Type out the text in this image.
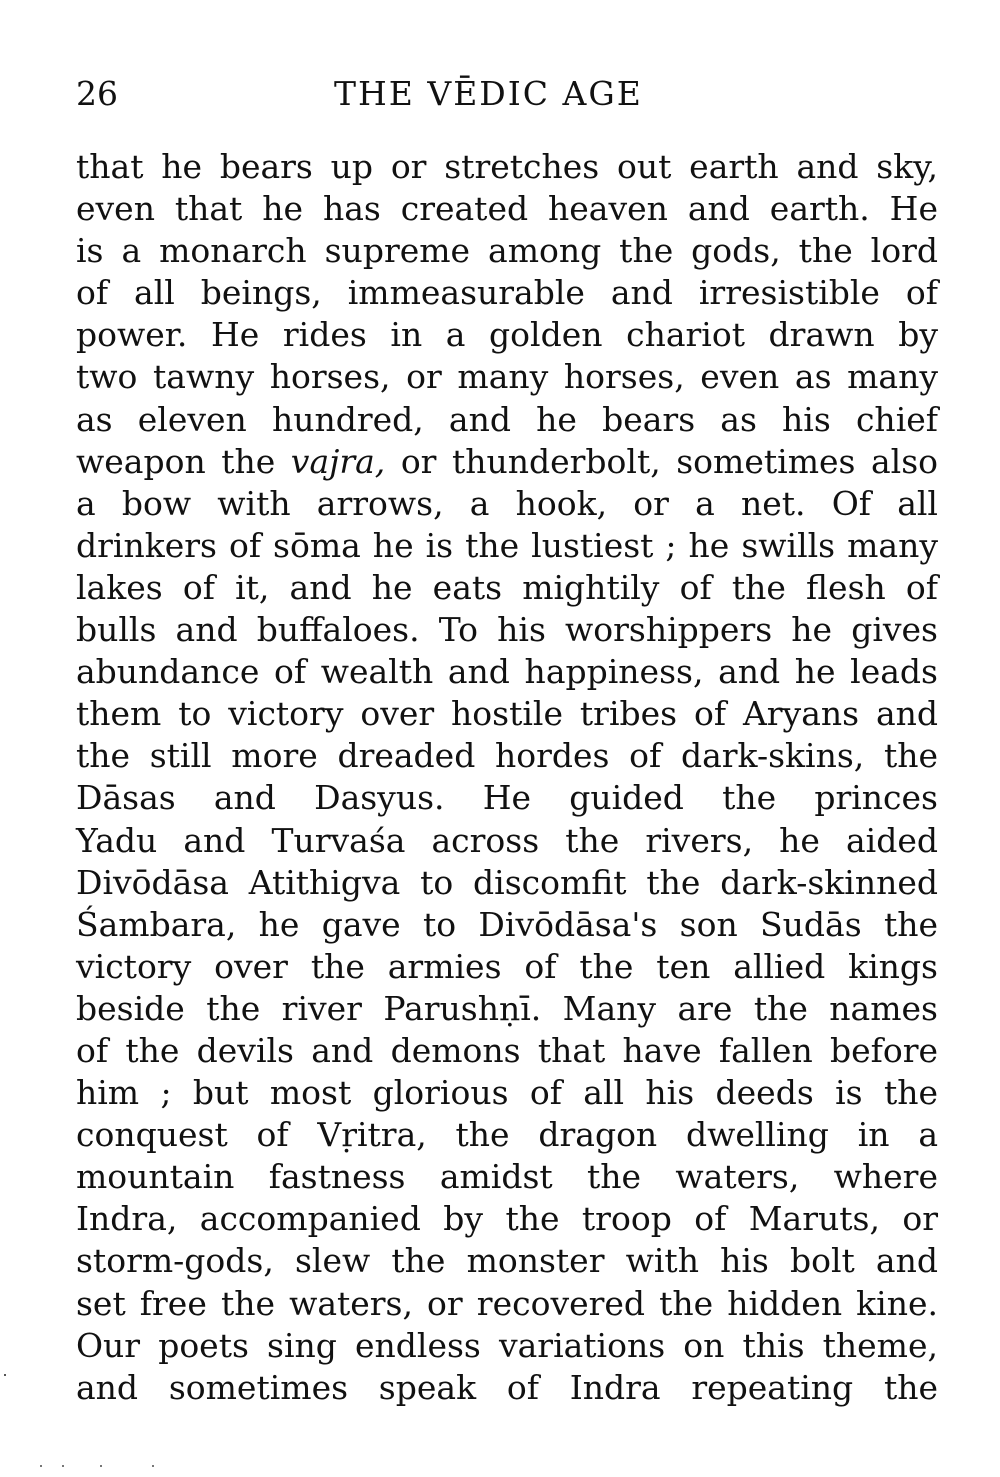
26	THE VĒDIC AGE
that he bears up or stretches out earth and sky,
even that he has created heaven and earth. He
is a monarch supreme among the gods, the lord
of all beings, immeasurable and irresistible of
power. He rides in a golden chariot drawn by
two tawny horses, or many horses, even as many
as eleven hundred, and he bears as his chief
weapon the vajra, or thunderbolt, sometimes also
a bow with arrows, a hook, or a net. Of all
drinkers of sōma he is the lustiest ; he swills many
lakes of it, and he eats mightily of the flesh of
bulls and buffaloes. To his worshippers he gives
abundance of wealth and happiness, and he leads
them to victory over hostile tribes of Aryans and
the still more dreaded hordes of dark-skins, the
Dāsas and Dasyus. He guided the princes
Yadu and Turvaśa across the rivers, he aided
Divōdāsa Atithigva to discomfit the dark-skinned
Śambara, he gave to Divōdāsa's son Sudās the
victory over the armies of the ten allied kings
beside the river Parushṇī. Many are the names
of the devils and demons that have fallen before
him ; but most glorious of all his deeds is the
conquest of Vṛitra, the dragon dwelling in a
mountain fastness amidst the waters, where
Indra, accompanied by the troop of Maruts, or
storm-gods, slew the monster with his bolt and
set free the waters, or recovered the hidden kine.
Our poets sing endless variations on this theme,
and sometimes speak of Indra repeating the
